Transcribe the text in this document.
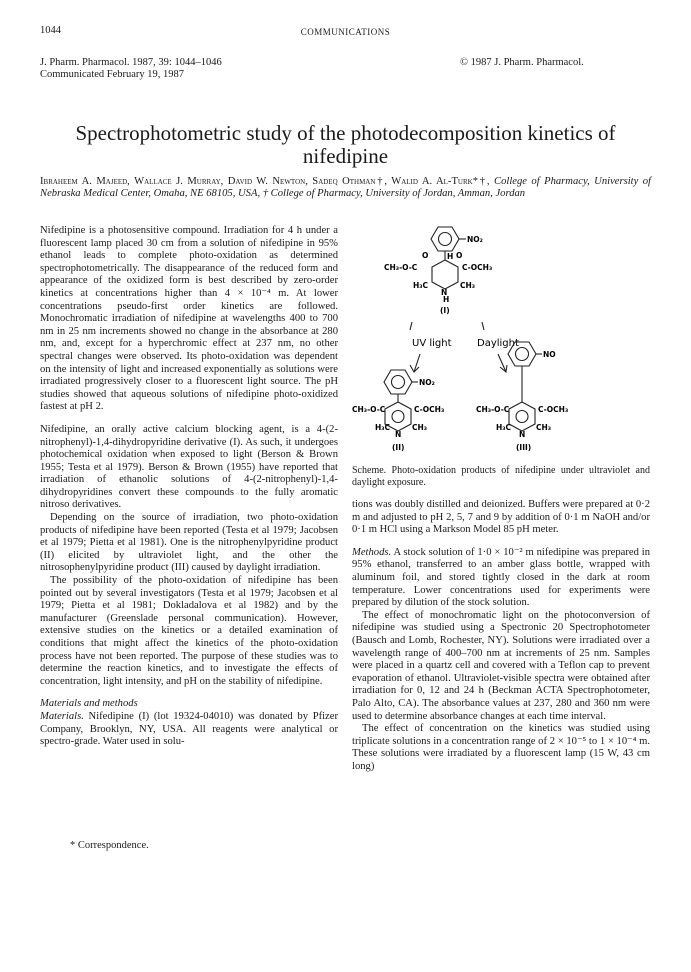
1044	COMMUNICATIONS
J. Pharm. Pharmacol. 1987, 39: 1044–1046
Communicated February 19, 1987
© 1987 J. Pharm. Pharmacol.
Spectrophotometric study of the photodecomposition kinetics of
nifedipine
Ibraheem A. Majeed, Wallace J. Murray, David W. Newton, Sadeq Othman†, Walid A. Al-Turk*†, College of Pharmacy, University of Nebraska Medical Center, Omaha, NE 68105, USA, † College of Pharmacy, University of Jordan, Amman, Jordan

Nifedipine is a photosensitive compound. Irradiation for 4 h under a fluorescent lamp placed 30 cm from a solution of nifedipine in 95% ethanol leads to complete photo-oxidation as determined spectrophotometrically. The disappearance of the reduced form and appearance of the oxidized form is best described by zero-order kinetics at concentrations higher than 4 × 10⁻⁴ m. At lower concentrations pseudo-first order kinetics are followed. Monochromatic irradiation of nifedipine at wavelengths 400 to 700 nm in 25 nm increments showed no change in the absorbance at 280 nm, and, except for a hyperchromic effect at 237 nm, no other spectral changes were observed. Its photo-oxidation was dependent on the intensity of light and increased exponentially as solutions were irradiated progressively closer to a fluorescent light source. The pH studies showed that aqueous solutions of nifedipine photo-oxidized fastest at pH 2.

Nifedipine, an orally active calcium blocking agent, is a 4-(2-nitrophenyl)-1,4-dihydropyridine derivative (I). As such, it undergoes photochemical oxidation when exposed to light (Berson & Brown 1955; Testa et al 1979). Berson & Brown (1955) have reported that irradiation of ethanolic solutions of 4-(2-nitrophenyl)-1,4-dihydropyridines convert these compounds to the fully aromatic nitroso derivatives.

Depending on the source of irradiation, two photo-oxidation products of nifedipine have been reported (Testa et al 1979; Jacobsen et al 1979; Pietta et al 1981). One is the nitrophenylpyridine product (II) elicited by ultraviolet light, and the other the nitrosophenylpyridine product (III) caused by daylight irradiation.

The possibility of the photo-oxidation of nifedipine has been pointed out by several investigators (Testa et al 1979; Jacobsen et al 1979; Pietta et al 1981; Dokladalova et al 1982) and by the manufacturer (Greenslade personal communication). However, extensive studies on the kinetics or a detailed examination of conditions that might affect the kinetics of the photo-oxidation process have not been reported. The purpose of these studies was to determine the reaction kinetics, and to investigate the effects of concentration, light intensity, and pH on the stability of nifedipine.

Materials and methods

Materials. Nifedipine (I) (lot 19324-04010) was donated by Pfizer Company, Brooklyn, NY, USA. All reagents were analytical or spectro-grade. Water used in solu-

* Correspondence.
NO₂
H O
O
CH₃-O-C	C-OCH₃
N
H
H₃C	CH₃
(I)
UV light	Daylight
NO₂
CH₃-O-C	C-OCH₃
H₃C
N
CH₃
(II)
NO
CH₃-O-C	C-OCH₃
H₃C
N
CH₃
(III)

Scheme. Photo-oxidation products of nifedipine under ultraviolet and daylight exposure.

tions was doubly distilled and deionized. Buffers were prepared at 0·2 m and adjusted to pH 2, 5, 7 and 9 by addition of 0·1 m NaOH and/or 0·1 m HCl using a Markson Model 85 pH meter.

Methods. A stock solution of 1·0 × 10⁻² m nifedipine was prepared in 95% ethanol, transferred to an amber glass bottle, wrapped with aluminum foil, and stored tightly closed in the dark at room temperature. Lower concentrations used for experiments were prepared by dilution of the stock solution.

The effect of monochromatic light on the photoconversion of nifedipine was studied using a Spectronic 20 Spectrophotometer (Bausch and Lomb, Rochester, NY). Solutions were irradiated over a wavelength range of 400–700 nm at increments of 25 nm. Samples were placed in a quartz cell and covered with a Teflon cap to prevent evaporation of ethanol. Ultraviolet-visible spectra were obtained after irradiation for 0, 12 and 24 h (Beckman ACTA Spectrophotometer, Palo Alto, CA). The absorbance values at 237, 280 and 360 nm were used to determine absorbance changes at each time interval.

The effect of concentration on the kinetics was studied using triplicate solutions in a concentration range of 2 × 10⁻⁵ to 1 × 10⁻⁴ m. These solutions were irradiated by a fluorescent lamp (15 W, 43 cm long)
